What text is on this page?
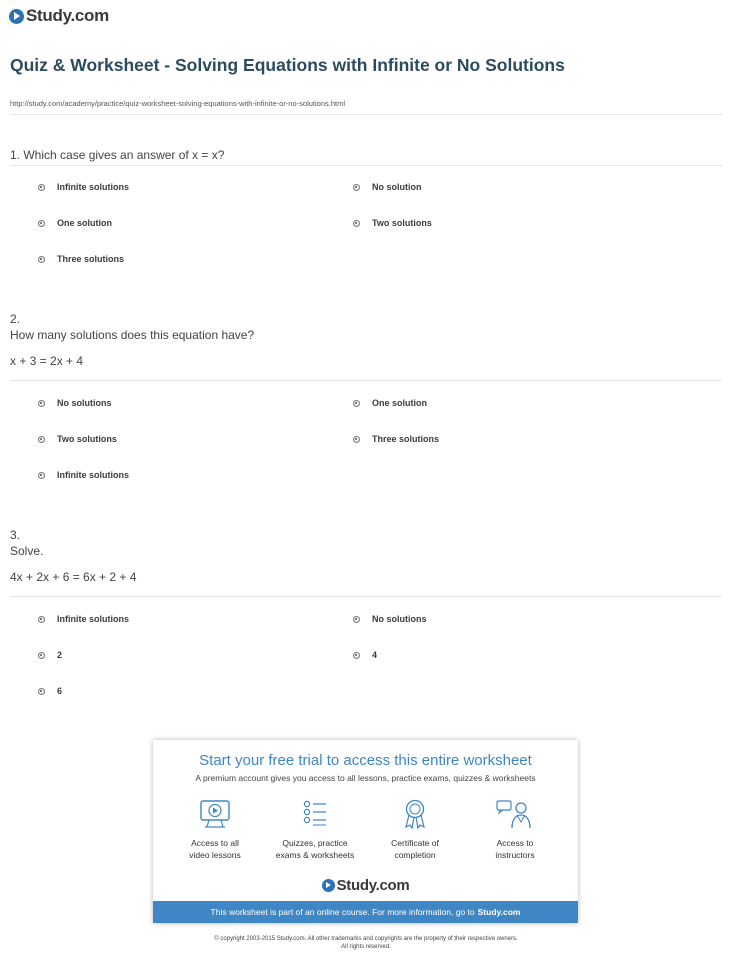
Study.com
Quiz & Worksheet - Solving Equations with Infinite or No Solutions
http://study.com/academy/practice/quiz-worksheet-solving-equations-with-infinite-or-no-solutions.html
1. Which case gives an answer of x = x?
Infinite solutions	No solution
One solution	Two solutions
Three solutions
2.
How many solutions does this equation have?
x + 3 = 2x + 4
No solutions	One solution
Two solutions	Three solutions
Infinite solutions
3.
Solve.
4x + 2x + 6 = 6x + 2 + 4
Infinite solutions	No solutions
2	4
6
Start your free trial to access this entire worksheet
A premium account gives you access to all lessons, practice exams, quizzes & worksheets
Access to all
video lessons
Quizzes, practice
exams & worksheets
Certificate of
completion
Access to
instructors
Study.com
This worksheet is part of an online course. For more information, go to Study.com
© copyright 2003-2015 Study.com. All other trademarks and copyrights are the property of their respective owners.
All rights reserved.
